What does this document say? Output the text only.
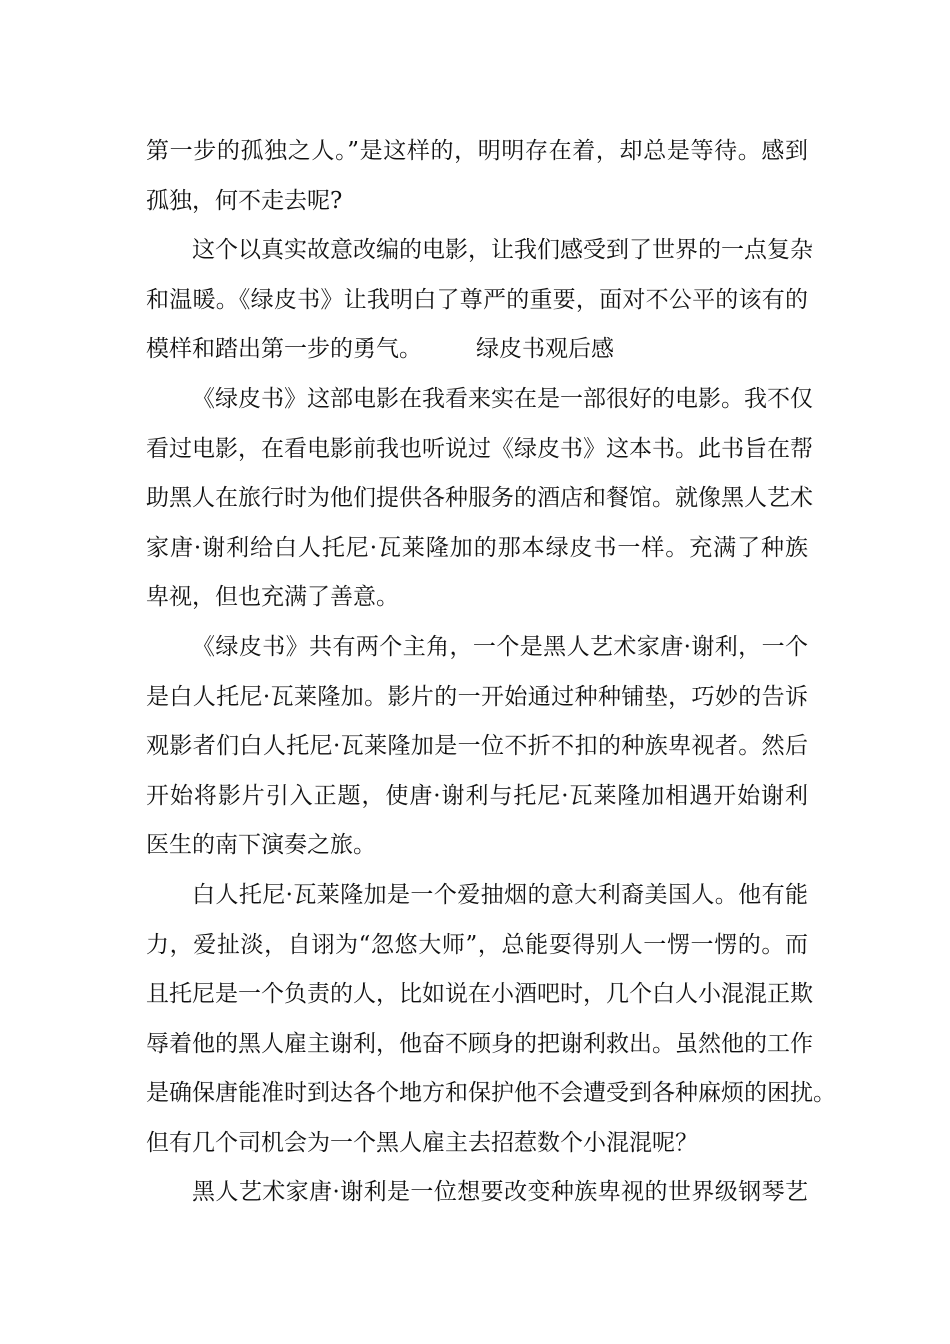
第一步的孤独之人。”是这样的，明明存在着，却总是等待。感到
孤独，何不走去呢?
这个以真实故意改编的电影，让我们感受到了世界的一点复杂
和温暖。《绿皮书》让我明白了尊严的重要，面对不公平的该有的
模样和踏出第一步的勇气。 绿皮书观后感
《绿皮书》这部电影在我看来实在是一部很好的电影。我不仅
看过电影，在看电影前我也听说过《绿皮书》这本书。此书旨在帮
助黑人在旅行时为他们提供各种服务的酒店和餐馆。就像黑人艺术
家唐·谢利给白人托尼·瓦莱隆加的那本绿皮书一样。充满了种族
卑视，但也充满了善意。
《绿皮书》共有两个主角，一个是黑人艺术家唐·谢利，一个
是白人托尼·瓦莱隆加。影片的一开始通过种种铺垫，巧妙的告诉
观影者们白人托尼·瓦莱隆加是一位不折不扣的种族卑视者。然后
开始将影片引入正题，使唐·谢利与托尼·瓦莱隆加相遇开始谢利
医生的南下演奏之旅。
白人托尼·瓦莱隆加是一个爱抽烟的意大利裔美国人。他有能
力，爱扯淡，自诩为“忽悠大师”，总能耍得别人一愣一愣的。而
且托尼是一个负责的人，比如说在小酒吧时，几个白人小混混正欺
辱着他的黑人雇主谢利，他奋不顾身的把谢利救出。虽然他的工作
是确保唐能准时到达各个地方和保护他不会遭受到各种麻烦的困扰。
但有几个司机会为一个黑人雇主去招惹数个小混混呢？
黑人艺术家唐·谢利是一位想要改变种族卑视的世界级钢琴艺
